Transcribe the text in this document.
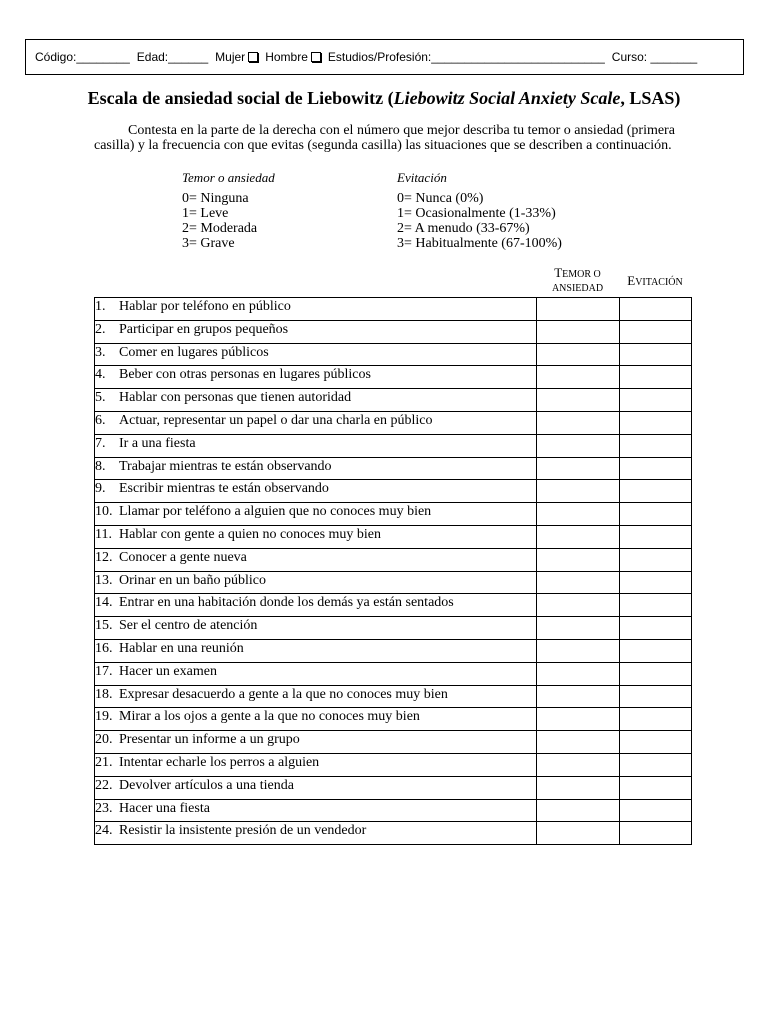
Código:________ Edad:______ Mujer	Hombre	Estudios/Profesión:__________________________ Curso: _______
Escala de ansiedad social de Liebowitz (Liebowitz Social Anxiety Scale, LSAS)

Contesta en la parte de la derecha con el número que mejor describa tu temor o ansiedad (primera casilla) y la frecuencia con que evitas (segunda casilla) las situaciones que se describen a continuación.

Temor o ansiedad
0= Ninguna
1= Leve
2= Moderada
3= Grave
Evitación
0= Nunca (0%)
1= Ocasionalmente (1-33%)
2= A menudo (33-67%)
3= Habitualmente (67-100%)
TEMOR O
ANSIEDAD
EVITACIÓN
1. Hablar por teléfono en público		
2. Participar en grupos pequeños		
3. Comer en lugares públicos		
4. Beber con otras personas en lugares públicos		
5. Hablar con personas que tienen autoridad		
6. Actuar, representar un papel o dar una charla en público		
7. Ir a una fiesta		
8. Trabajar mientras te están observando		
9. Escribir mientras te están observando		
10. Llamar por teléfono a alguien que no conoces muy bien		
11. Hablar con gente a quien no conoces muy bien		
12. Conocer a gente nueva		
13. Orinar en un baño público		
14. Entrar en una habitación donde los demás ya están sentados		
15. Ser el centro de atención		
16. Hablar en una reunión		
17. Hacer un examen		
18. Expresar desacuerdo a gente a la que no conoces muy bien		
19. Mirar a los ojos a gente a la que no conoces muy bien		
20. Presentar un informe a un grupo		
21. Intentar echarle los perros a alguien		
22. Devolver artículos a una tienda		
23. Hacer una fiesta		
24. Resistir la insistente presión de un vendedor		
